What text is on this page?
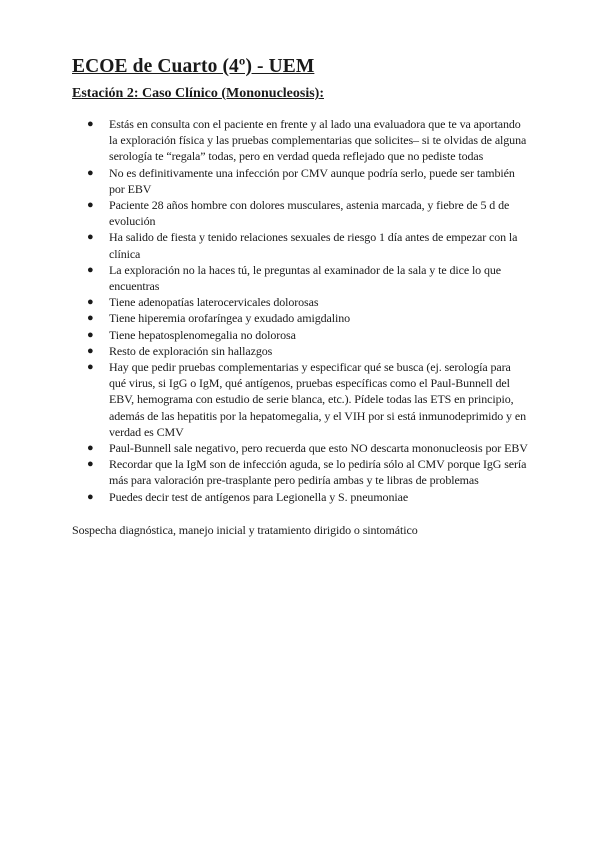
ECOE de Cuarto (4º) - UEM
Estación 2: Caso Clínico (Mononucleosis):
● Estás en consulta con el paciente en frente y al lado una evaluadora que te va aportando la exploración física y las pruebas complementarias que solicites– si te olvidas de alguna serología te “regala” todas, pero en verdad queda reflejado que no pediste todas
● No es definitivamente una infección por CMV aunque podría serlo, puede ser también por EBV
● Paciente 28 años hombre con dolores musculares, astenia marcada, y fiebre de 5 d de evolución
● Ha salido de fiesta y tenido relaciones sexuales de riesgo 1 día antes de empezar con la clínica
● La exploración no la haces tú, le preguntas al examinador de la sala y te dice lo que encuentras
● Tiene adenopatías laterocervicales dolorosas
● Tiene hiperemia orofaríngea y exudado amigdalino
● Tiene hepatosplenomegalia no dolorosa
● Resto de exploración sin hallazgos
● Hay que pedir pruebas complementarias y especificar qué se busca (ej. serología para qué virus, si IgG o IgM, qué antígenos, pruebas específicas como el Paul-Bunnell del EBV, hemograma con estudio de serie blanca, etc.). Pídele todas las ETS en principio, además de las hepatitis por la hepatomegalia, y el VIH por si está inmunodeprimido y en verdad es CMV
● Paul-Bunnell sale negativo, pero recuerda que esto NO descarta mononucleosis por EBV
● Recordar que la IgM son de infección aguda, se lo pediría sólo al CMV porque IgG sería más para valoración pre-trasplante pero pediría ambas y te libras de problemas
● Puedes decir test de antígenos para Legionella y S. pneumoniae
Sospecha diagnóstica, manejo inicial y tratamiento dirigido o sintomático
